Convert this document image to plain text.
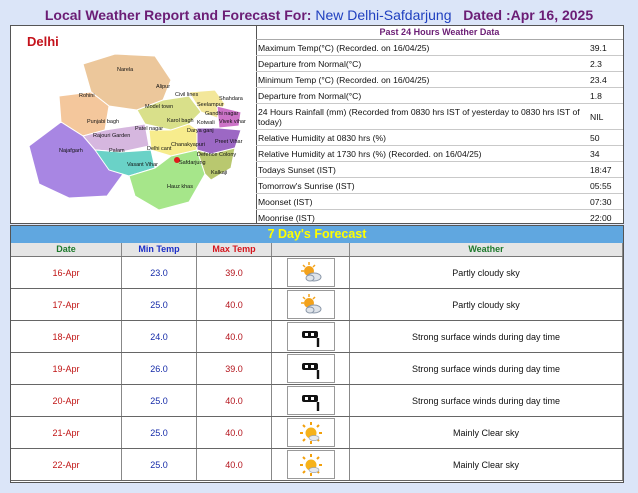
Local Weather Report and Forecast For: New Delhi-Safdarjung Dated :Apr 16, 2025
Delhi
Narela
Rohini
Alipur
Model town
Civil lines
Shahdara
Seelampur
Gandhi nagar
Vivek vihar
Punjabi bagh	Karol bagh Kotwali
Patel nagar	Darya ganj
Rajouri Garden
Preet Vihar
Chanakyapuri
Palam	Delhi cant
Najafgarh
Defence Colony
Safdarjung
Vasant Vihar
Kalkaji
Hauz khas
Past 24 Hours Weather Data
Maximum Temp(°C) (Recorded. on 16/04/25)	39.1
Departure from Normal(°C)	2.3
Minimum Temp (°C) (Recorded. on 16/04/25)	23.4
Departure from Normal(°C)	1.8
24 Hours Rainfall (mm) (Recorded from 0830 hrs IST of yesterday to 0830 hrs IST of today)	NIL
Relative Humidity at 0830 hrs (%)	50
Relative Humidity at 1730 hrs (%) (Recorded. on 16/04/25)	34
Todays Sunset (IST)	18:47
Tomorrow's Sunrise (IST)	05:55
Moonset (IST)	07:30
Moonrise (IST)	22:00
7 Day's Forecast
Date	Min Temp	Max Temp	Weather
16-Apr	23.0	39.0	Partly cloudy sky
17-Apr	25.0	40.0	Partly cloudy sky
18-Apr	24.0	40.0	Strong surface winds during day time
19-Apr	26.0	39.0	Strong surface winds during day time
20-Apr	25.0	40.0	Strong surface winds during day time
21-Apr	25.0	40.0	Mainly Clear sky
22-Apr	25.0	40.0	Mainly Clear sky
